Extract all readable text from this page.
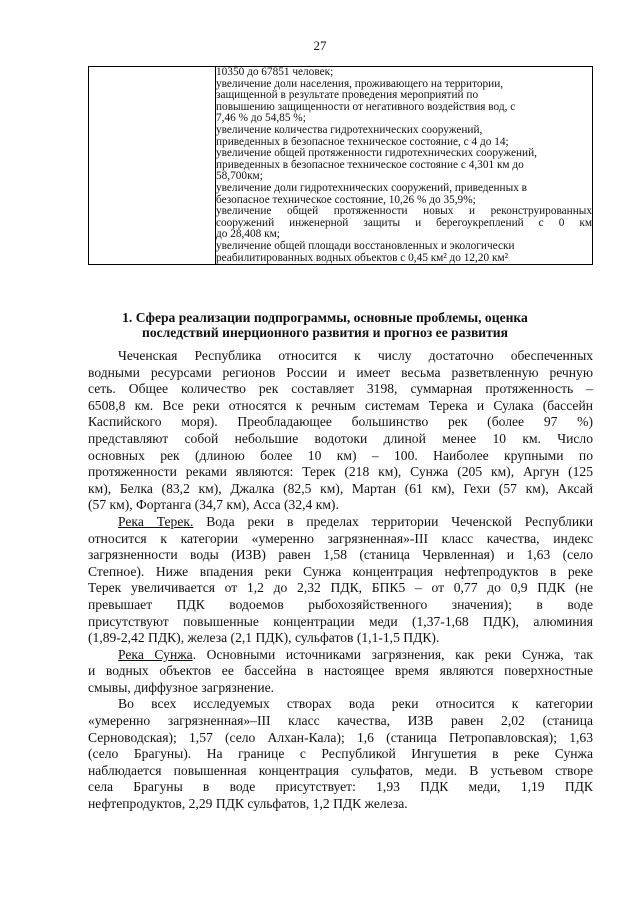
27

10350 до 67851 человек;
увеличение доли населения, проживающего на территории,
защищенной в результате проведения мероприятий по
повышению защищенности от негативного воздействия вод, с
7,46 % до 54,85 %;
увеличение количества гидротехнических сооружений,
приведенных в безопасное техническое состояние, с 4 до 14;
увеличение общей протяженности гидротехнических сооружений,
приведенных в безопасное техническое состояние с 4,301 км до
58,700км;
увеличение доли гидротехнических сооружений, приведенных в
безопасное техническое состояние, 10,26 % до 35,9%;
увеличение общей протяженности новых и реконструированных
сооружений инженерной защиты и берегоукреплений с 0 км
до 28,408 км;
увеличение общей площади восстановленных и экологически
реабилитированных водных объектов с 0,45 км² до 12,20 км²
1. Сфера реализации подпрограммы, основные проблемы, оценка
последствий инерционного развития и прогноз ее развития
Чеченская Республика относится к числу достаточно обеспеченных
водными ресурсами регионов России и имеет весьма разветвленную речную
сеть. Общее количество рек составляет 3198, суммарная протяженность –
6508,8 км. Все реки относятся к речным системам Терека и Сулака (бассейн
Каспийского моря). Преобладающее большинство рек (более 97 %)
представляют собой небольшие водотоки длиной менее 10 км. Число
основных рек (длиною более 10 км) – 100. Наиболее крупными по
протяженности реками являются: Терек (218 км), Сунжа (205 км), Аргун (125
км), Белка (83,2 км), Джалка (82,5 км), Мартан (61 км), Гехи (57 км), Аксай
(57 км), Фортанга (34,7 км), Асса (32,4 км).
Река Терек. Вода реки в пределах территории Чеченской Республики
относится к категории «умеренно загрязненная»-III класс качества, индекс
загрязненности воды (ИЗВ) равен 1,58 (станица Червленная) и 1,63 (село
Степное). Ниже впадения реки Сунжа концентрация нефтепродуктов в реке
Терек увеличивается от 1,2 до 2,32 ПДК, БПК5 – от 0,77 до 0,9 ПДК (не
превышает ПДК водоемов рыбохозяйственного значения); в воде
присутствуют повышенные концентрации меди (1,37-1,68 ПДК), алюминия
(1,89-2,42 ПДК), железа (2,1 ПДК), сульфатов (1,1-1,5 ПДК).
Река Сунжа. Основными источниками загрязнения, как реки Сунжа, так
и водных объектов ее бассейна в настоящее время являются поверхностные
смывы, диффузное загрязнение.
Во всех исследуемых створах вода реки относится к категории
«умеренно загрязненная»–III класс качества, ИЗВ равен 2,02 (станица
Серноводская); 1,57 (село Алхан-Кала); 1,6 (станица Петропавловская); 1,63
(село Брагуны). На границе с Республикой Ингушетия в реке Сунжа
наблюдается повышенная концентрация сульфатов, меди. В устьевом створе
села Брагуны в воде присутствует: 1,93 ПДК меди, 1,19 ПДК
нефтепродуктов, 2,29 ПДК сульфатов, 1,2 ПДК железа.
